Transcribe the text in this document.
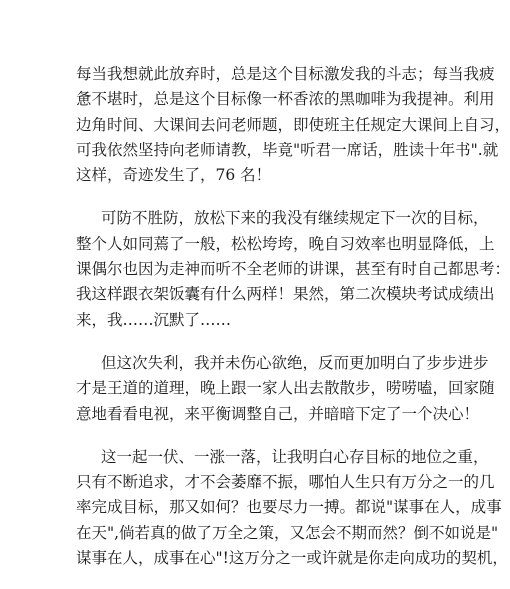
每当我想就此放弃时，总是这个目标激发我的斗志；每当我疲
惫不堪时，总是这个目标像一杯香浓的黑咖啡为我提神。利用
边角时间、大课间去问老师题，即使班主任规定大课间上自习，
可我依然坚持向老师请教，毕竟"听君一席话，胜读十年书".就
这样，奇迹发生了，76 名！
可防不胜防，放松下来的我没有继续规定下一次的目标，
整个人如同蔫了一般，松松垮垮，晚自习效率也明显降低，上
课偶尔也因为走神而听不全老师的讲课，甚至有时自己都思考：
我这样跟衣架饭囊有什么两样！果然，第二次模块考试成绩出
来，我……沉默了……
但这次失利，我并未伤心欲绝，反而更加明白了步步进步
才是王道的道理，晚上跟一家人出去散散步，唠唠嗑，回家随
意地看看电视，来平衡调整自己，并暗暗下定了一个决心！
这一起一伏、一涨一落，让我明白心存目标的地位之重，
只有不断追求，才不会萎靡不振，哪怕人生只有万分之一的几
率完成目标，那又如何？也要尽力一搏。都说"谋事在人，成事
在天",倘若真的做了万全之策，又怎会不期而然？倒不如说是"
谋事在人，成事在心"!这万分之一或许就是你走向成功的契机，
